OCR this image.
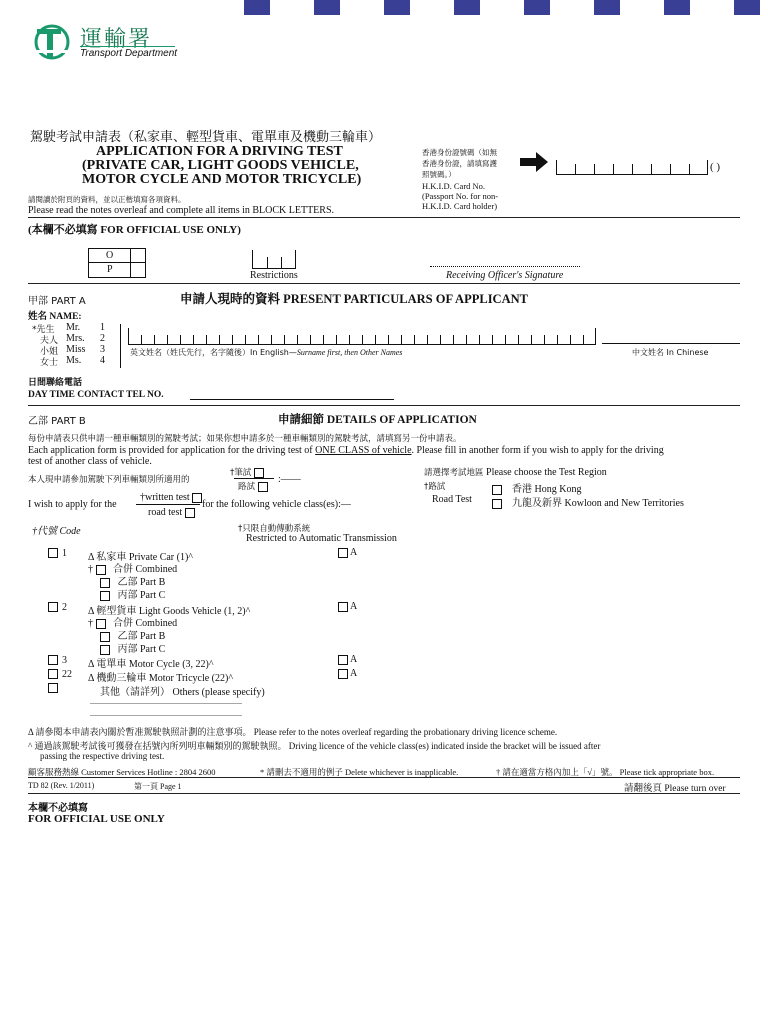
運輸署
Transport Department
駕駛考試申請表（私家車、輕型貨車、電單車及機動三輪車）
APPLICATION FOR A DRIVING TEST
(PRIVATE CAR, LIGHT GOODS VEHICLE,
MOTOR CYCLE AND MOTOR TRICYCLE)
請閱讀於附頁的資料，並以正楷填寫各項資料。
Please read the notes overleaf and complete all items in BLOCK LETTERS.
香港身份證號碼（如無
香港身份證，請填寫護
照號碼。）
H.K.I.D. Card No.
(Passport No. for non-
H.K.I.D. Card holder)
( )
(本欄不必填寫 FOR OFFICIAL USE ONLY)
O
P
Restrictions	Receiving Officer's Signature
甲部 PART A	申請人現時的資料 PRESENT PARTICULARS OF APPLICANT
姓名 NAME:
*先生 Mr. 1
夫人 Mrs. 2
小姐 Miss 3
女士 Ms. 4
英文姓名（姓氏先行，名字隨後）In English—Surname first, then Other Names	中文姓名 In Chinese
日間聯絡電話
DAY TIME CONTACT TEL NO.
乙部 PART B	申請細節 DETAILS OF APPLICATION
每份申請表只供申請一種車輛類別的駕駛考試；如果你想申請多於一種車輛類別的駕駛考試，請填寫另一份申請表。
Each application form is provided for application for the driving test of ONE CLASS of vehicle. Please fill in another form if you wish to apply for the driving
test of another class of vehicle.
本人現申請參加駕駛下列車輛類別所適用的
†筆試
路試
:——
I wish to apply for the
†written test
road test
for the following vehicle class(es):—
請選擇考試地區 Please choose the Test Region
†路試
Road Test
香港 Hong Kong
九龍及新界 Kowloon and New Territories
†代號 Code	†只限自動傳動系統
Restricted to Automatic Transmission
1 Δ 私家車 Private Car (1)^	A
† 合併 Combined
乙部 Part B
丙部 Part C
2 Δ 輕型貨車 Light Goods Vehicle (1, 2)^	A
† 合併 Combined
乙部 Part B
丙部 Part C
3 Δ 電單車 Motor Cycle (3, 22)^	A
22 Δ 機動三輪車 Motor Tricycle (22)^	A
其他（請詳列） Others (please specify)
............................................................................
............................................................................
Δ 請參閱本申請表內關於暫准駕駛執照計劃的注意事項。 Please refer to the notes overleaf regarding the probationary driving licence scheme.
^ 通過該駕駛考試後可獲發在括號內所列明車輛類別的駕駛執照。 Driving licence of the vehicle class(es) indicated inside the bracket will be issued after
passing the respective driving test.
顧客服務熱線 Customer Services Hotline : 2804 2600	* 請刪去不適用的例子 Delete whichever is inapplicable.	† 請在適當方格內加上「√」號。 Please tick appropriate box.
TD 82 (Rev. 1/2011)	第一頁 Page 1	請翻後頁 Please turn over
本欄不必填寫
FOR OFFICIAL USE ONLY
